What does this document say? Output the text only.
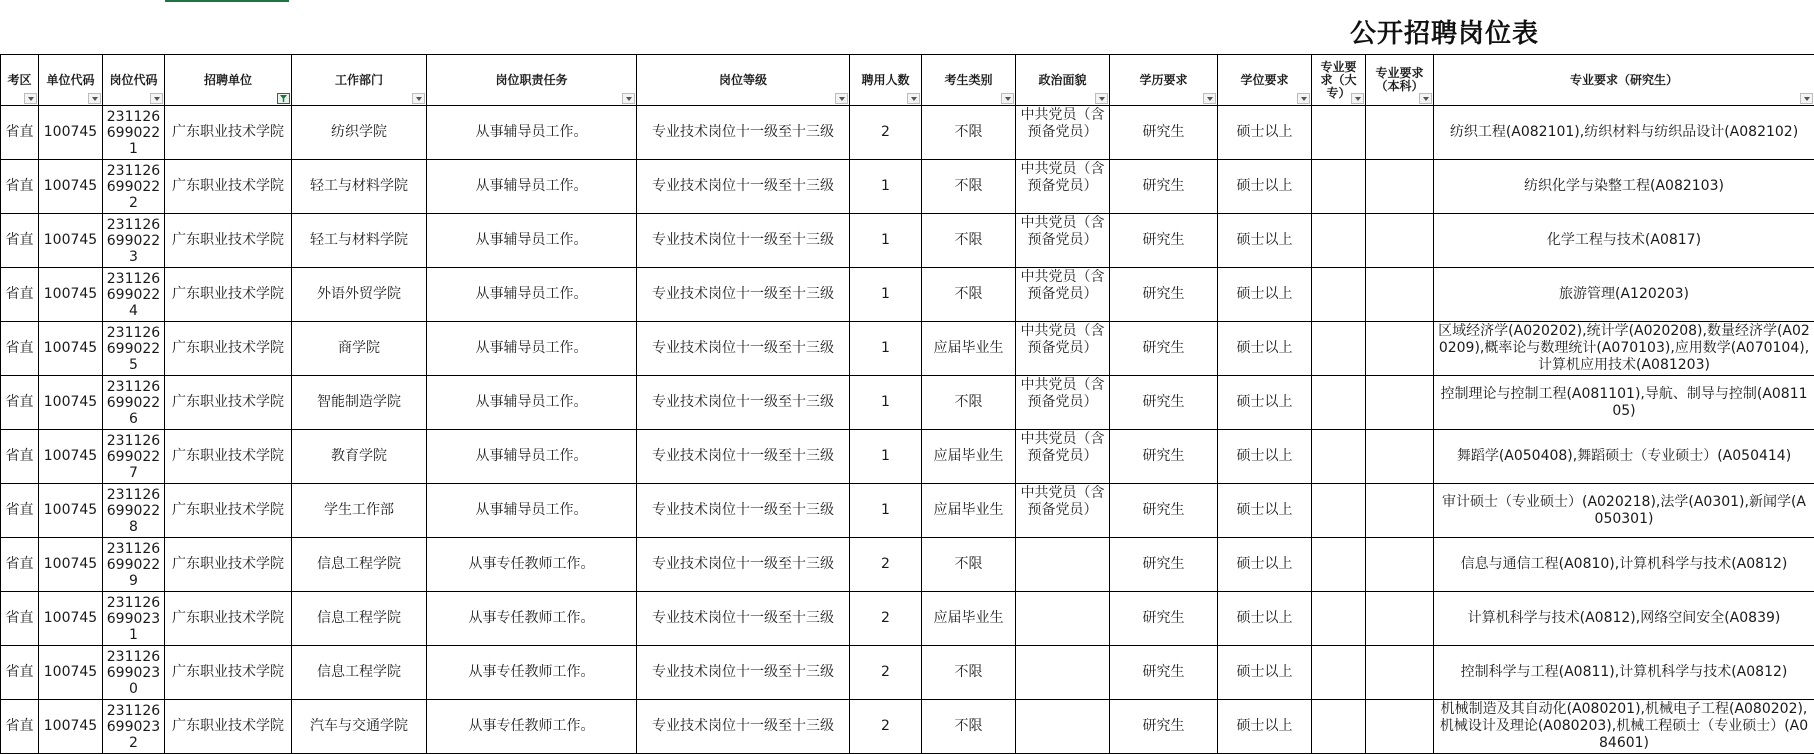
公开招聘岗位表
考区	单位代码	岗位代码	招聘单位	工作部门	岗位职责任务	岗位等级	聘用人数	考生类别	政治面貌	学历要求	学位要求	专业要求（大专）	专业要求（本科）	专业要求（研究生）

省直	100745	2311266990221	广东职业技术学院	纺织学院	从事辅导员工作。	专业技术岗位十一级至十三级	2	不限	中共党员（含预备党员）	研究生	硕士以上			纺织工程(A082101),纺织材料与纺织品设计(A082102)

省直	100745	2311266990222	广东职业技术学院	轻工与材料学院	从事辅导员工作。	专业技术岗位十一级至十三级	1	不限	中共党员（含预备党员）	研究生	硕士以上			纺织化学与染整工程(A082103)

省直	100745	2311266990223	广东职业技术学院	轻工与材料学院	从事辅导员工作。	专业技术岗位十一级至十三级	1	不限	中共党员（含预备党员）	研究生	硕士以上			化学工程与技术(A0817)

省直	100745	2311266990224	广东职业技术学院	外语外贸学院	从事辅导员工作。	专业技术岗位十一级至十三级	1	不限	中共党员（含预备党员）	研究生	硕士以上			旅游管理(A120203)

省直	100745	2311266990225	广东职业技术学院	商学院	从事辅导员工作。	专业技术岗位十一级至十三级	1	应届毕业生	中共党员（含预备党员）	研究生	硕士以上			区域经济学(A020202),统计学(A020208),数量经济学(A020209),概率论与数理统计(A070103),应用数学(A070104),计算机应用技术(A081203)

省直	100745	2311266990226	广东职业技术学院	智能制造学院	从事辅导员工作。	专业技术岗位十一级至十三级	1	不限	中共党员（含预备党员）	研究生	硕士以上			控制理论与控制工程(A081101),导航、制导与控制(A081105)

省直	100745	2311266990227	广东职业技术学院	教育学院	从事辅导员工作。	专业技术岗位十一级至十三级	1	应届毕业生	中共党员（含预备党员）	研究生	硕士以上			舞蹈学(A050408),舞蹈硕士（专业硕士）(A050414)

省直	100745	2311266990228	广东职业技术学院	学生工作部	从事辅导员工作。	专业技术岗位十一级至十三级	1	应届毕业生	中共党员（含预备党员）	研究生	硕士以上			审计硕士（专业硕士）(A020218),法学(A0301),新闻学(A050301)

省直	100745	2311266990229	广东职业技术学院	信息工程学院	从事专任教师工作。	专业技术岗位十一级至十三级	2	不限		研究生	硕士以上			信息与通信工程(A0810),计算机科学与技术(A0812)

省直	100745	2311266990231	广东职业技术学院	信息工程学院	从事专任教师工作。	专业技术岗位十一级至十三级	2	应届毕业生		研究生	硕士以上			计算机科学与技术(A0812),网络空间安全(A0839)

省直	100745	2311266990230	广东职业技术学院	信息工程学院	从事专任教师工作。	专业技术岗位十一级至十三级	2	不限		研究生	硕士以上			控制科学与工程(A0811),计算机科学与技术(A0812)

省直	100745	2311266990232	广东职业技术学院	汽车与交通学院	从事专任教师工作。	专业技术岗位十一级至十三级	2	不限		研究生	硕士以上			机械制造及其自动化(A080201),机械电子工程(A080202),机械设计及理论(A080203),机械工程硕士（专业硕士）(A084601)
